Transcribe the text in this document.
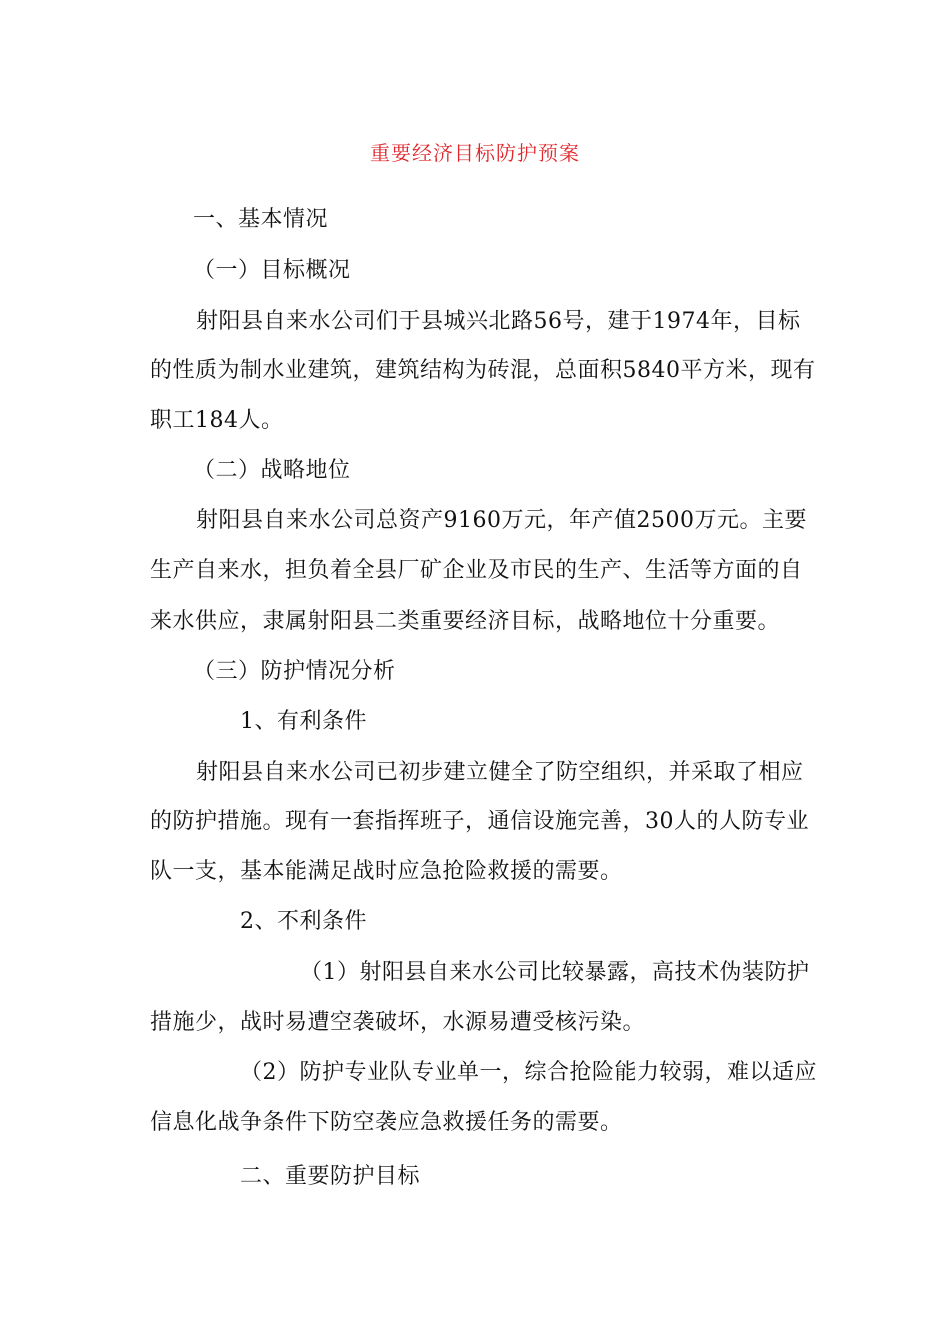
重要经济目标防护预案
一、基本情况
（一）目标概况
射阳县自来水公司们于县城兴北路56号，建于1974年，目标
的性质为制水业建筑，建筑结构为砖混，总面积5840平方米，现有
职工184人。
（二）战略地位
射阳县自来水公司总资产9160万元，年产值2500万元。主要
生产自来水，担负着全县厂矿企业及市民的生产、生活等方面的自
来水供应，隶属射阳县二类重要经济目标，战略地位十分重要。
（三）防护情况分析
1、有利条件
射阳县自来水公司已初步建立健全了防空组织，并采取了相应
的防护措施。现有一套指挥班子，通信设施完善，30人的人防专业
队一支，基本能满足战时应急抢险救援的需要。
2、不利条件
（1）射阳县自来水公司比较暴露，高技术伪装防护
措施少，战时易遭空袭破坏，水源易遭受核污染。
（2）防护专业队专业单一，综合抢险能力较弱，难以适应
信息化战争条件下防空袭应急救援任务的需要。
二、重要防护目标
